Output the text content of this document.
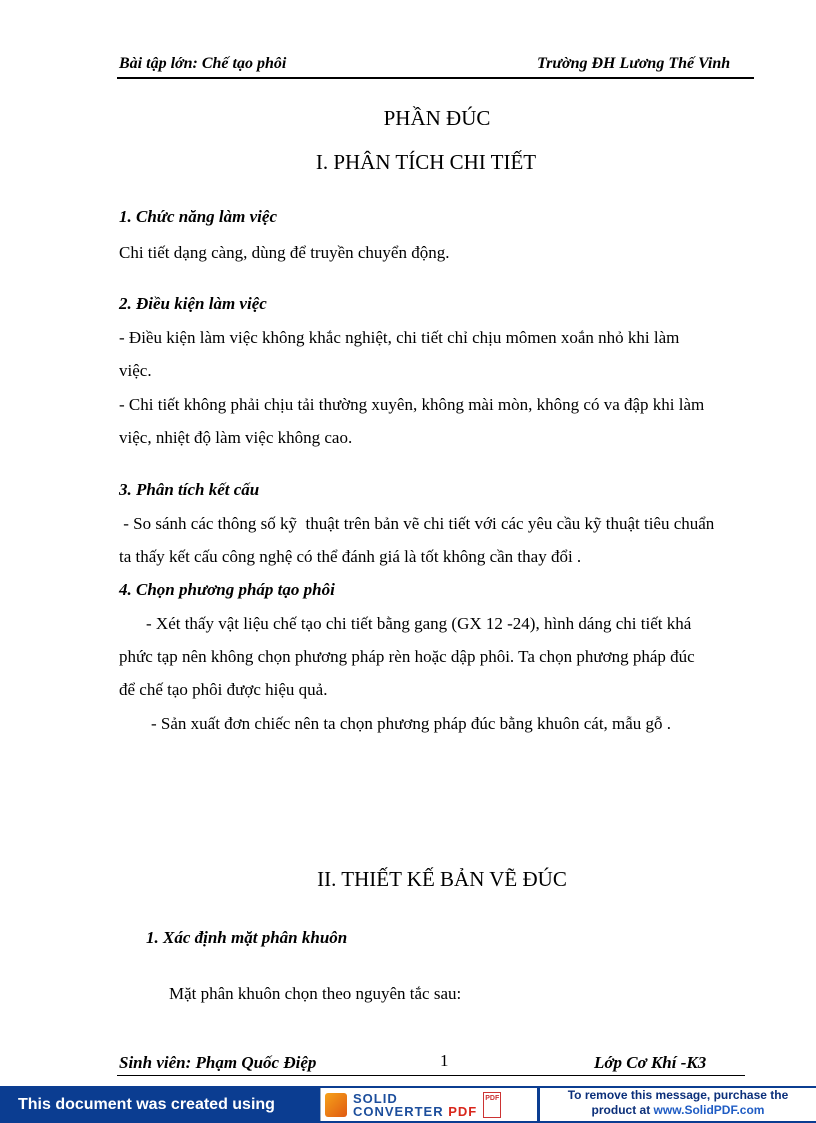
Bài tập lớn: Chế tạo phôi	Trường ĐH Lương Thế Vinh
PHẦN ĐÚC
I. PHÂN TÍCH CHI TIẾT
1. Chức năng làm việc
Chi tiết dạng càng, dùng để truyền chuyển động.
2. Điều kiện làm việc
- Điều kiện làm việc không khắc nghiệt, chi tiết chỉ chịu mômen xoắn nhỏ khi làm
việc.
- Chi tiết không phải chịu tải thường xuyên, không mài mòn, không có va đập khi làm
việc, nhiệt độ làm việc không cao.
3. Phân tích kết cấu
- So sánh các thông số kỹ  thuật trên bản vẽ chi tiết với các yêu cầu kỹ thuật tiêu chuẩn
ta thấy kết cấu công nghệ có thể đánh giá là tốt không cần thay đổi .
4. Chọn phương pháp tạo phôi
- Xét thấy vật liệu chế tạo chi tiết bằng gang (GX 12 -24), hình dáng chi tiết khá
phức tạp nên không chọn phương pháp rèn hoặc dập phôi. Ta chọn phương pháp đúc
để chế tạo phôi được hiệu quả.
- Sản xuất đơn chiếc nên ta chọn phương pháp đúc bằng khuôn cát, mẫu gỗ .
II. THIẾT KẾ BẢN VẼ ĐÚC
1. Xác định mặt phân khuôn
Mặt phân khuôn chọn theo nguyên tắc sau:
Sinh viên: Phạm Quốc Điệp	1	Lớp Cơ Khí -K3
This document was created using	SOLID
CONVERTER PDF
PDF	To remove this message, purchase the
product at www.SolidPDF.com
